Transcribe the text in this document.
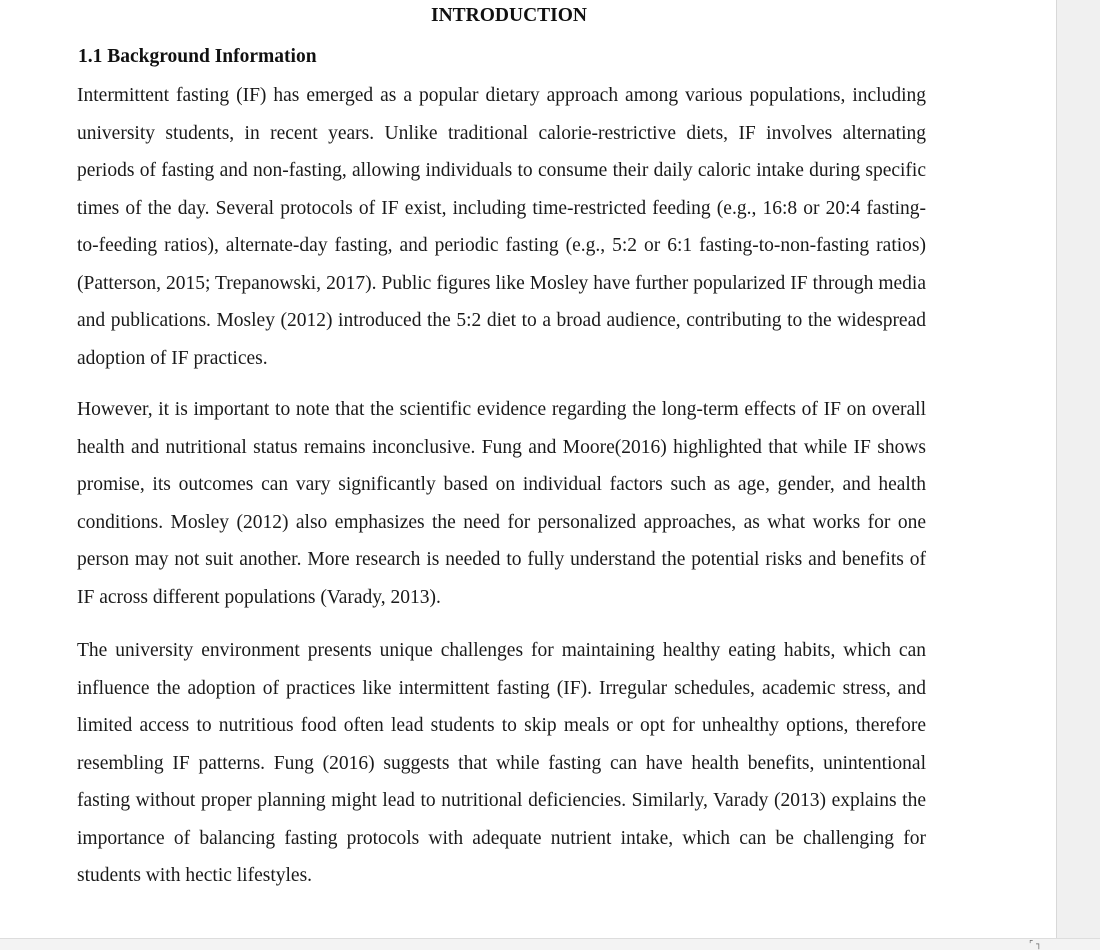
INTRODUCTION
1.1 Background Information

Intermittent fasting (IF) has emerged as a popular dietary approach among various populations, including university students, in recent years. Unlike traditional calorie-restrictive diets, IF involves alternating periods of fasting and non-fasting, allowing individuals to consume their daily caloric intake during specific times of the day. Several protocols of IF exist, including time-restricted feeding (e.g., 16:8 or 20:4 fasting-to-feeding ratios), alternate-day fasting, and periodic fasting (e.g., 5:2 or 6:1 fasting-to-non-fasting ratios) (Patterson, 2015; Trepanowski, 2017). Public figures like Mosley have further popularized IF through media and publications. Mosley (2012) introduced the 5:2 diet to a broad audience, contributing to the widespread adoption of IF practices.

However, it is important to note that the scientific evidence regarding the long-term effects of IF on overall health and nutritional status remains inconclusive. Fung and Moore(2016) highlighted that while IF shows promise, its outcomes can vary significantly based on individual factors such as age, gender, and health conditions. Mosley (2012) also emphasizes the need for personalized approaches, as what works for one person may not suit another. More research is needed to fully understand the potential risks and benefits of IF across different populations (Varady, 2013).

The university environment presents unique challenges for maintaining healthy eating habits, which can influence the adoption of practices like intermittent fasting (IF). Irregular schedules, academic stress, and limited access to nutritious food often lead students to skip meals or opt for unhealthy options, therefore resembling IF patterns. Fung (2016) suggests that while fasting can have health benefits, unintentional fasting without proper planning might lead to nutritional deficiencies. Similarly, Varady (2013) explains the importance of balancing fasting protocols with adequate nutrient intake, which can be challenging for students with hectic lifestyles.

⌜ ┐
